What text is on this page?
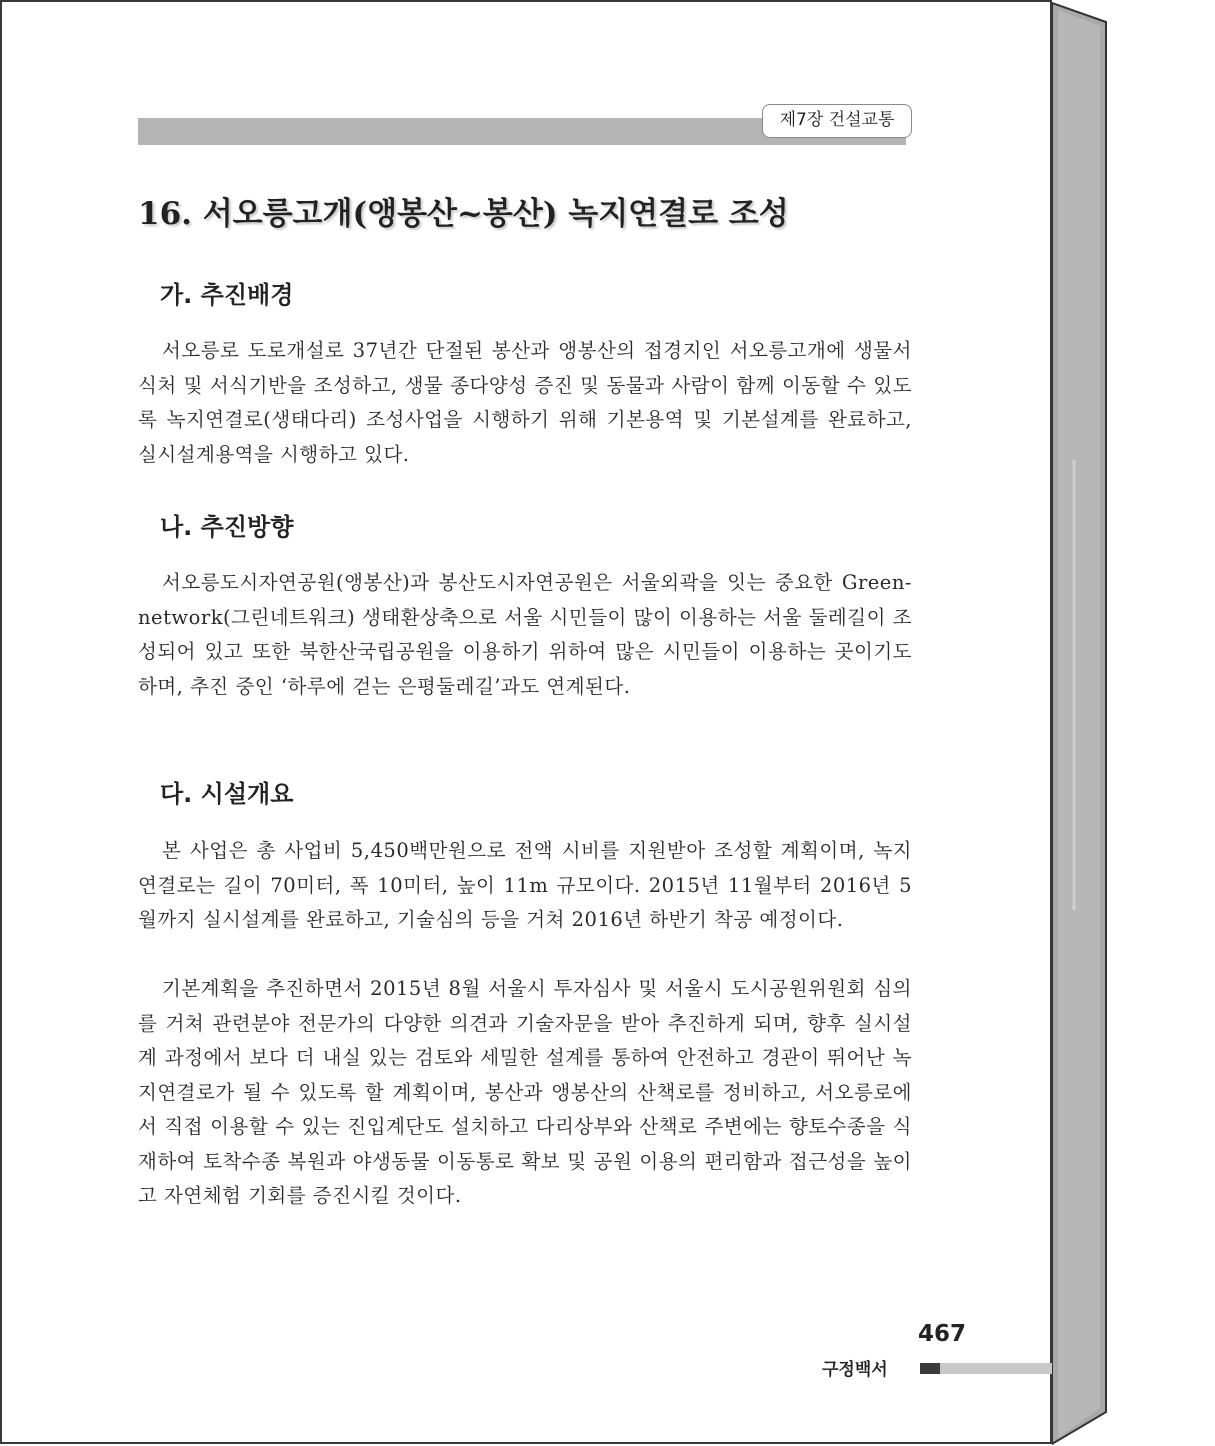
제7장 건설교통
16. 서오릉고개(앵봉산~봉산) 녹지연결로 조성
가. 추진배경

서오릉로 도로개설로 37년간 단절된 봉산과 앵봉산의 접경지인 서오릉고개에 생물서식처 및 서식기반을 조성하고, 생물 종다양성 증진 및 동물과 사람이 함께 이동할 수 있도록 녹지연결로(생태다리) 조성사업을 시행하기 위해 기본용역 및 기본설계를 완료하고, 실시설계용역을 시행하고 있다.

나. 추진방향

서오릉도시자연공원(앵봉산)과 봉산도시자연공원은 서울외곽을 잇는 중요한 Green-network(그린네트워크) 생태환상축으로 서울 시민들이 많이 이용하는 서울 둘레길이 조성되어 있고 또한 북한산국립공원을 이용하기 위하여 많은 시민들이 이용하는 곳이기도 하며, 추진 중인 ‘하루에 걷는 은평둘레길’과도 연계된다.

다. 시설개요

본 사업은 총 사업비 5,450백만원으로 전액 시비를 지원받아 조성할 계획이며, 녹지연결로는 길이 70미터, 폭 10미터, 높이 11m 규모이다. 2015년 11월부터 2016년 5월까지 실시설계를 완료하고, 기술심의 등을 거쳐 2016년 하반기 착공 예정이다.

기본계획을 추진하면서 2015년 8월 서울시 투자심사 및 서울시 도시공원위원회 심의를 거쳐 관련분야 전문가의 다양한 의견과 기술자문을 받아 추진하게 되며, 향후 실시설계 과정에서 보다 더 내실 있는 검토와 세밀한 설계를 통하여 안전하고 경관이 뛰어난 녹지연결로가 될 수 있도록 할 계획이며, 봉산과 앵봉산의 산책로를 정비하고, 서오릉로에서 직접 이용할 수 있는 진입계단도 설치하고 다리상부와 산책로 주변에는 향토수종을 식재하여 토착수종 복원과 야생동물 이동통로 확보 및 공원 이용의 편리함과 접근성을 높이고 자연체험 기회를 증진시킬 것이다.

467
구정백서
